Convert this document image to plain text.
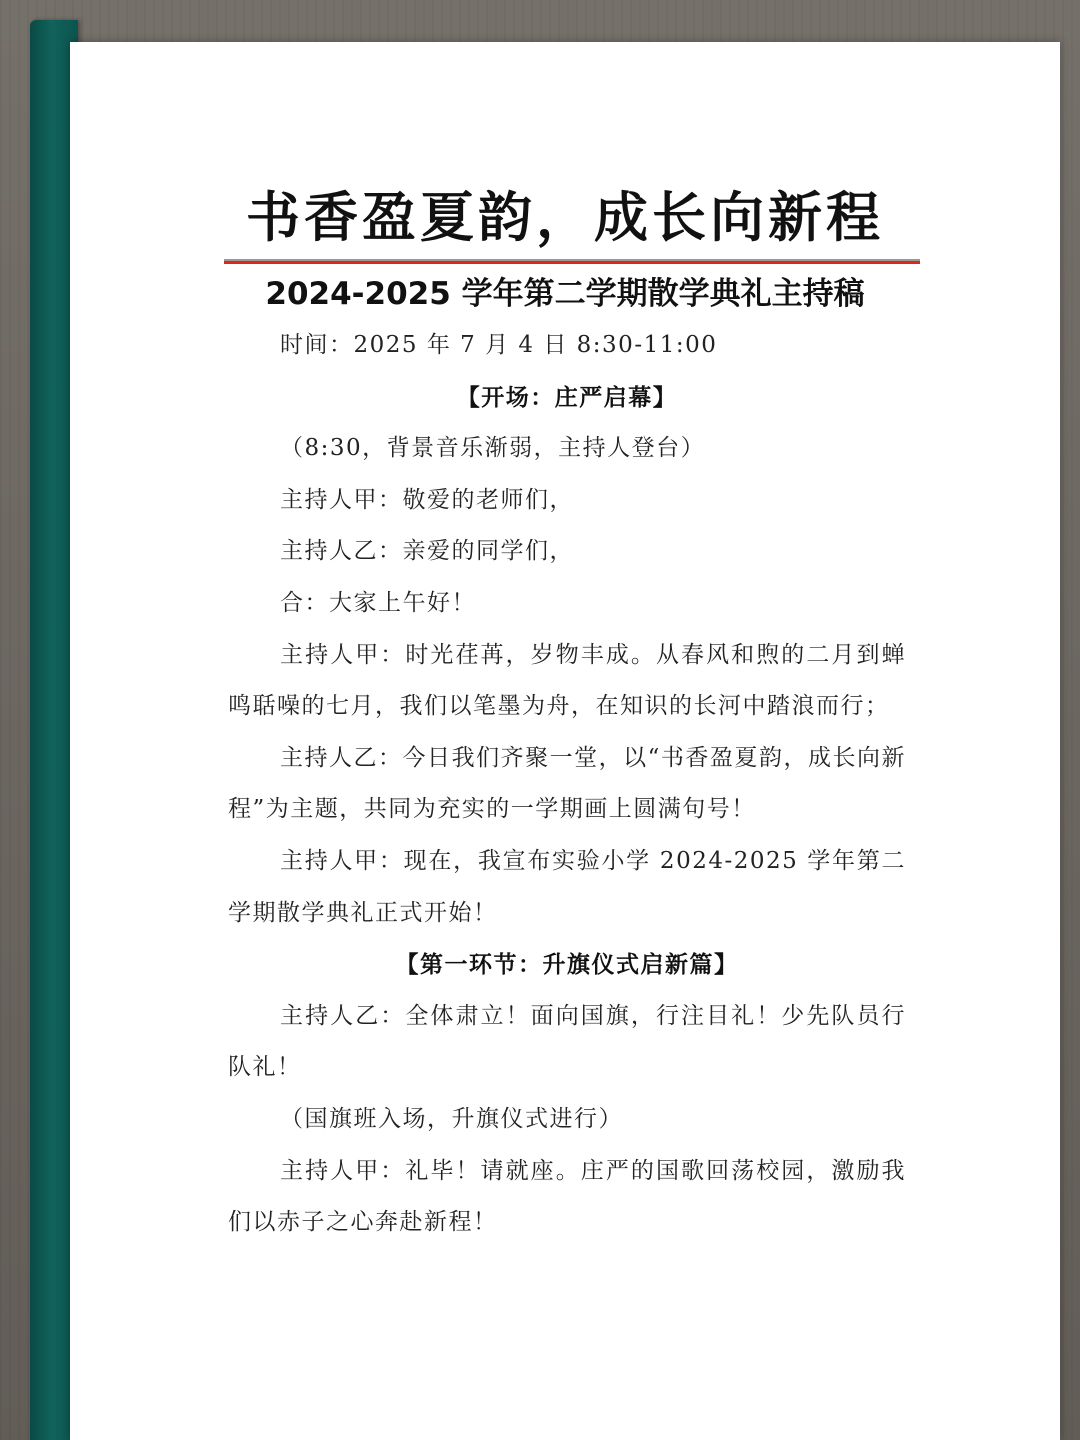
书香盈夏韵，成长向新程
2024-2025 学年第二学期散学典礼主持稿

时间：2025 年 7 月 4 日 8:30-11:00

【开场：庄严启幕】

（8:30，背景音乐渐弱，主持人登台）

主持人甲：敬爱的老师们，

主持人乙：亲爱的同学们，

合：大家上午好！

主持人甲：时光荏苒，岁物丰成。从春风和煦的二月到蝉鸣聒噪的七月，我们以笔墨为舟，在知识的长河中踏浪而行；

主持人乙：今日我们齐聚一堂，以“书香盈夏韵，成长向新程”为主题，共同为充实的一学期画上圆满句号！

主持人甲：现在，我宣布实验小学 2024-2025 学年第二学期散学典礼正式开始！

【第一环节：升旗仪式启新篇】

主持人乙：全体肃立！面向国旗，行注目礼！少先队员行队礼！

（国旗班入场，升旗仪式进行）

主持人甲：礼毕！请就座。庄严的国歌回荡校园，激励我们以赤子之心奔赴新程！
